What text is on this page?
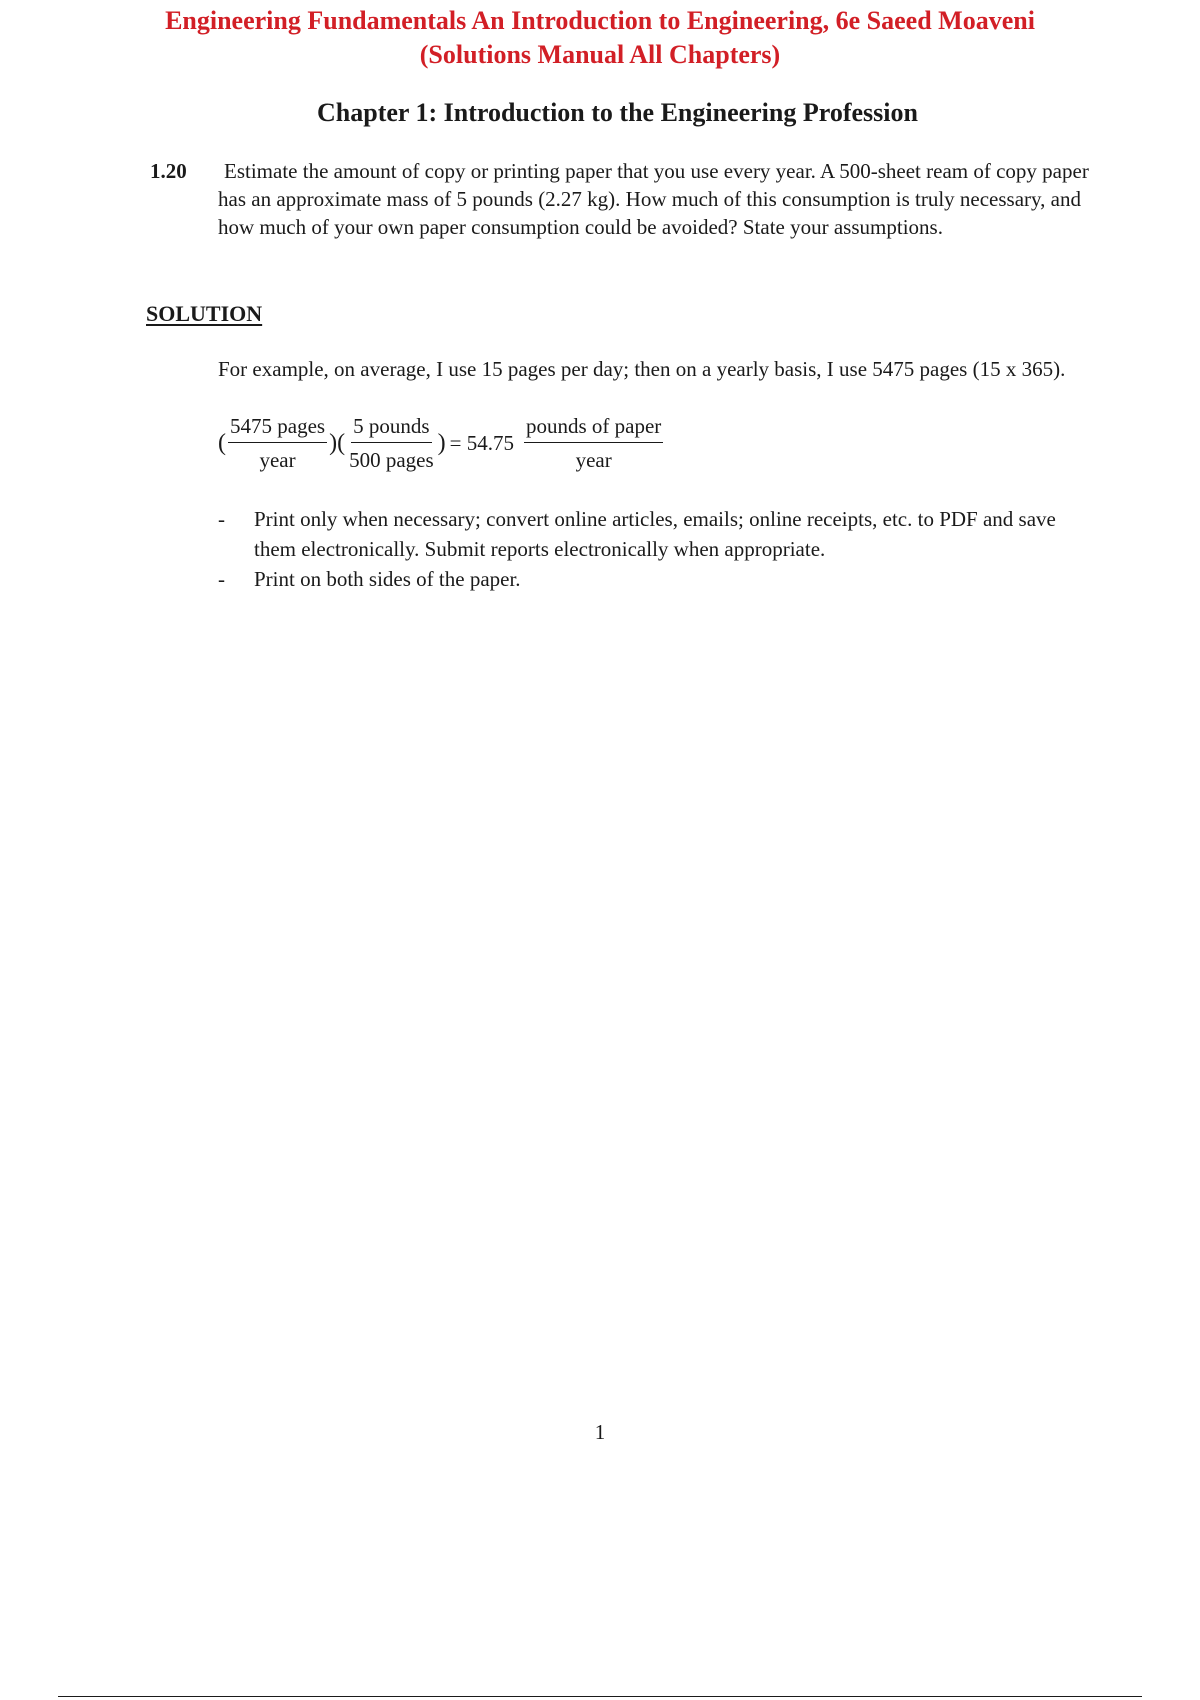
Engineering Fundamentals An Introduction to Engineering, 6e Saeed Moaveni (Solutions Manual All Chapters)
Chapter 1: Introduction to the Engineering Profession
1.20 Estimate the amount of copy or printing paper that you use every year. A 500-sheet ream of copy paper has an approximate mass of 5 pounds (2.27 kg). How much of this consumption is truly necessary, and how much of your own paper consumption could be avoided? State your assumptions.
SOLUTION
For example, on average, I use 15 pages per day; then on a yearly basis, I use 5475 pages (15 x 365).
( $\frac{\text{5475 pages}}{\text{year}}$ )( $\frac{\text{5 pounds}}{\text{500 pages}}$ ) = $54.75 \frac{\text{pounds of paper}}{\text{year}}$
- Print only when necessary; convert online articles, emails; online receipts, etc. to PDF and save them electronically. Submit reports electronically when appropriate.
- Print on both sides of the paper.
1
